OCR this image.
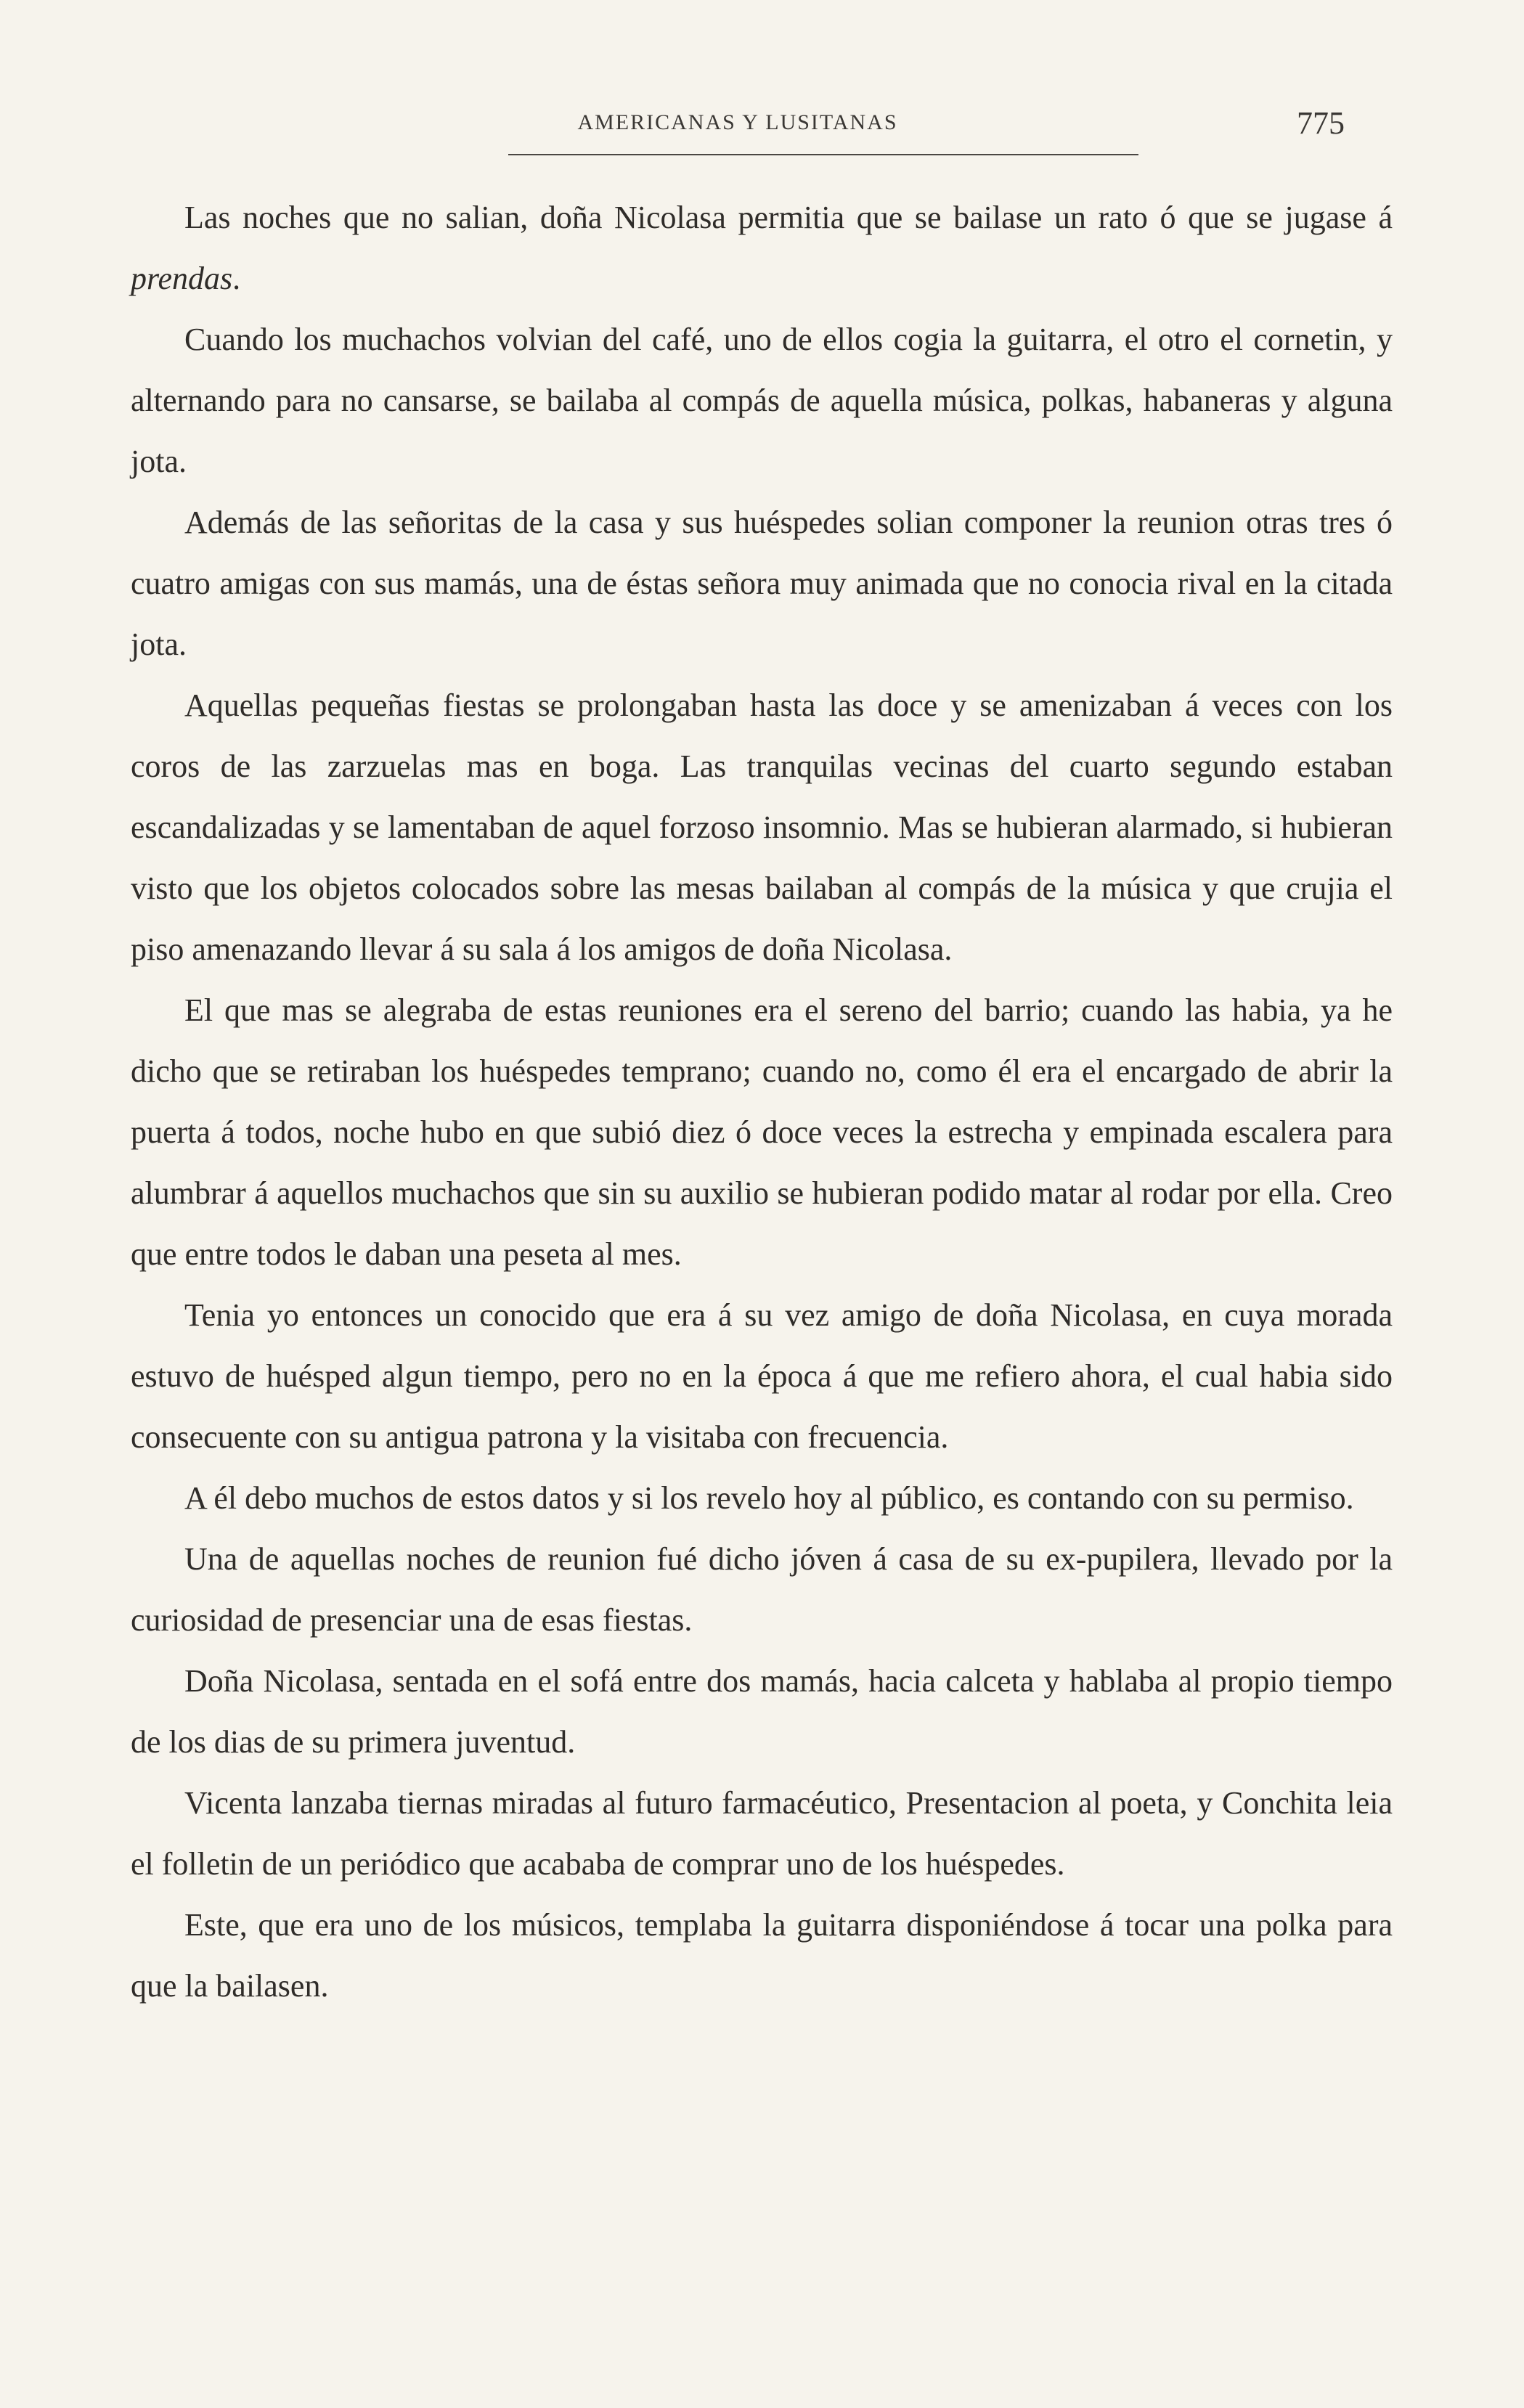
AMERICANAS Y LUSITANAS	775

Las noches que no salian, doña Nicolasa permitia que se bailase un rato ó que se jugase á prendas.

Cuando los muchachos volvian del café, uno de ellos cogia la guitarra, el otro el cornetin, y alternando para no cansarse, se bailaba al compás de aquella música, polkas, habaneras y alguna jota.

Además de las señoritas de la casa y sus huéspedes solian componer la reunion otras tres ó cuatro amigas con sus mamás, una de éstas señora muy animada que no conocia rival en la citada jota.

Aquellas pequeñas fiestas se prolongaban hasta las doce y se amenizaban á veces con los coros de las zarzuelas mas en boga. Las tranquilas vecinas del cuarto segundo estaban escandalizadas y se lamentaban de aquel forzoso insomnio. Mas se hubieran alarmado, si hubieran visto que los objetos colocados sobre las mesas bailaban al compás de la música y que crujia el piso amenazando llevar á su sala á los amigos de doña Nicolasa.

El que mas se alegraba de estas reuniones era el sereno del barrio; cuando las habia, ya he dicho que se retiraban los huéspedes temprano; cuando no, como él era el encargado de abrir la puerta á todos, noche hubo en que subió diez ó doce veces la estrecha y empinada escalera para alumbrar á aquellos muchachos que sin su auxilio se hubieran podido matar al rodar por ella. Creo que entre todos le daban una peseta al mes.

Tenia yo entonces un conocido que era á su vez amigo de doña Nicolasa, en cuya morada estuvo de huésped algun tiempo, pero no en la época á que me refiero ahora, el cual habia sido consecuente con su antigua patrona y la visitaba con frecuencia.

A él debo muchos de estos datos y si los revelo hoy al público, es contando con su permiso.

Una de aquellas noches de reunion fué dicho jóven á casa de su ex-pupilera, llevado por la curiosidad de presenciar una de esas fiestas.

Doña Nicolasa, sentada en el sofá entre dos mamás, hacia calceta y hablaba al propio tiempo de los dias de su primera juventud.

Vicenta lanzaba tiernas miradas al futuro farmacéutico, Presentacion al poeta, y Conchita leia el folletin de un periódico que acababa de comprar uno de los huéspedes.

Este, que era uno de los músicos, templaba la guitarra disponiéndose á tocar una polka para que la bailasen.
